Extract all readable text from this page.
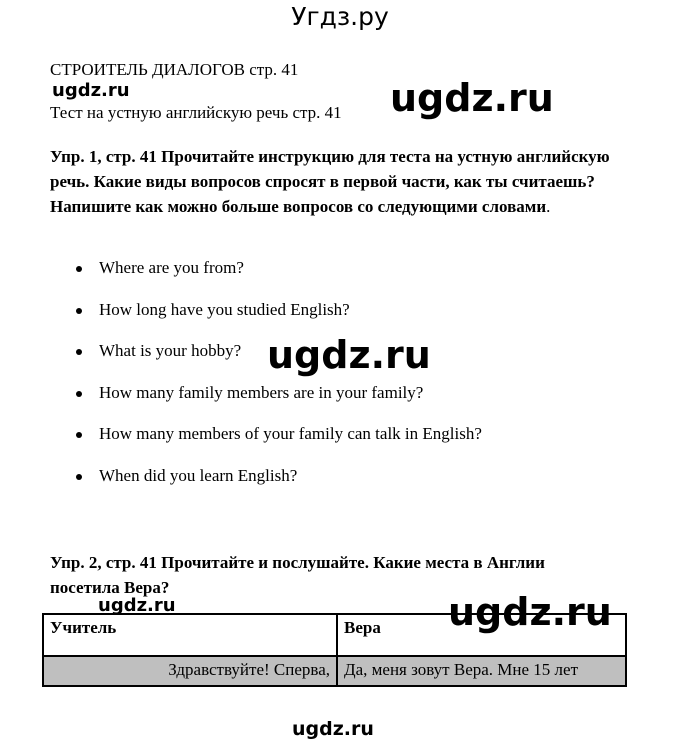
Угдз.ру
СТРОИТЕЛЬ ДИАЛОГОВ стр. 41
Тест на устную английскую речь стр. 41
ugdz.ru	ugdz.ru
Упр. 1, стр. 41 Прочитайте инструкцию для теста на устную английскую речь. Какие виды вопросов спросят в первой части, как ты считаешь? Напишите как можно больше вопросов со следующими словами.
Where are you from?
How long have you studied English?
What is your hobby?
How many family members are in your family?
How many members of your family can talk in English?
When did you learn English?
ugdz.ru
Упр. 2, стр. 41 Прочитайте и послушайте. Какие места в Англии посетила Вера?
ugdz.ru	ugdz.ru
Учитель	Вера
Здравствуйте! Сперва,	Да, меня зовут Вера. Мне 15 лет
ugdz.ru
